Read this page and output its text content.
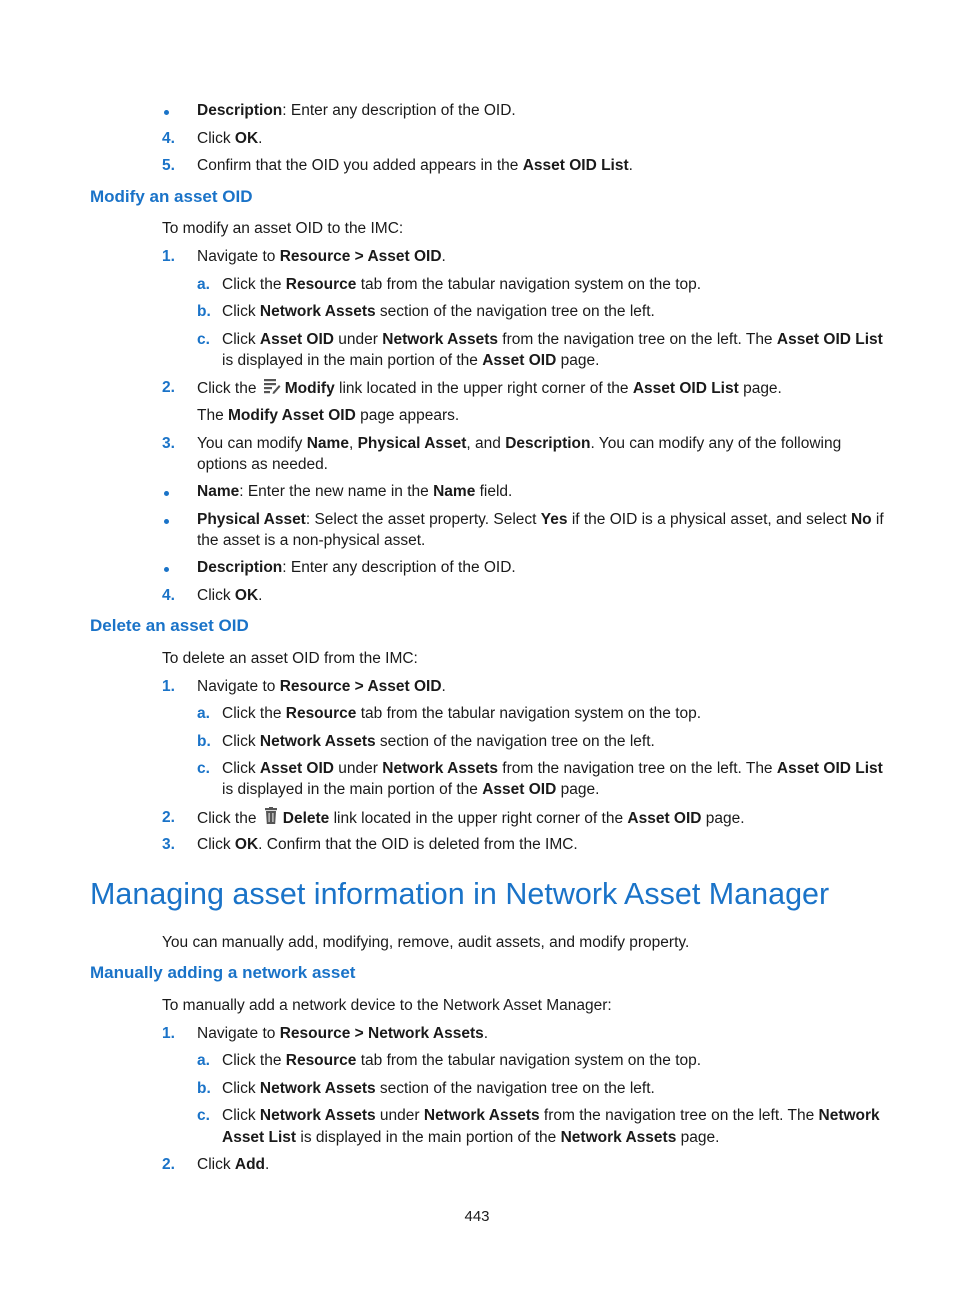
Description: Enter any description of the OID.
4. Click OK.
5. Confirm that the OID you added appears in the Asset OID List.
Modify an asset OID
To modify an asset OID to the IMC:
1. Navigate to Resource > Asset OID.
a. Click the Resource tab from the tabular navigation system on the top.
b. Click Network Assets section of the navigation tree on the left.
c. Click Asset OID under Network Assets from the navigation tree on the left. The Asset OID List
is displayed in the main portion of the Asset OID page.
2. Click the Modify link located in the upper right corner of the Asset OID List page.
The Modify Asset OID page appears.
3. You can modify Name, Physical Asset, and Description. You can modify any of the following
options as needed.
Name: Enter the new name in the Name field.
Physical Asset: Select the asset property. Select Yes if the OID is a physical asset, and select No if
the asset is a non-physical asset.
Description: Enter any description of the OID.
4. Click OK.
Delete an asset OID
To delete an asset OID from the IMC:
1. Navigate to Resource > Asset OID.
a. Click the Resource tab from the tabular navigation system on the top.
b. Click Network Assets section of the navigation tree on the left.
c. Click Asset OID under Network Assets from the navigation tree on the left. The Asset OID List
is displayed in the main portion of the Asset OID page.
2. Click the Delete link located in the upper right corner of the Asset OID page.
3. Click OK. Confirm that the OID is deleted from the IMC.
Managing asset information in Network Asset Manager
You can manually add, modifying, remove, audit assets, and modify property.
Manually adding a network asset
To manually add a network device to the Network Asset Manager:
1. Navigate to Resource > Network Assets.
a. Click the Resource tab from the tabular navigation system on the top.
b. Click Network Assets section of the navigation tree on the left.
c. Click Network Assets under Network Assets from the navigation tree on the left. The Network
Asset List is displayed in the main portion of the Network Assets page.
2. Click Add.
443
